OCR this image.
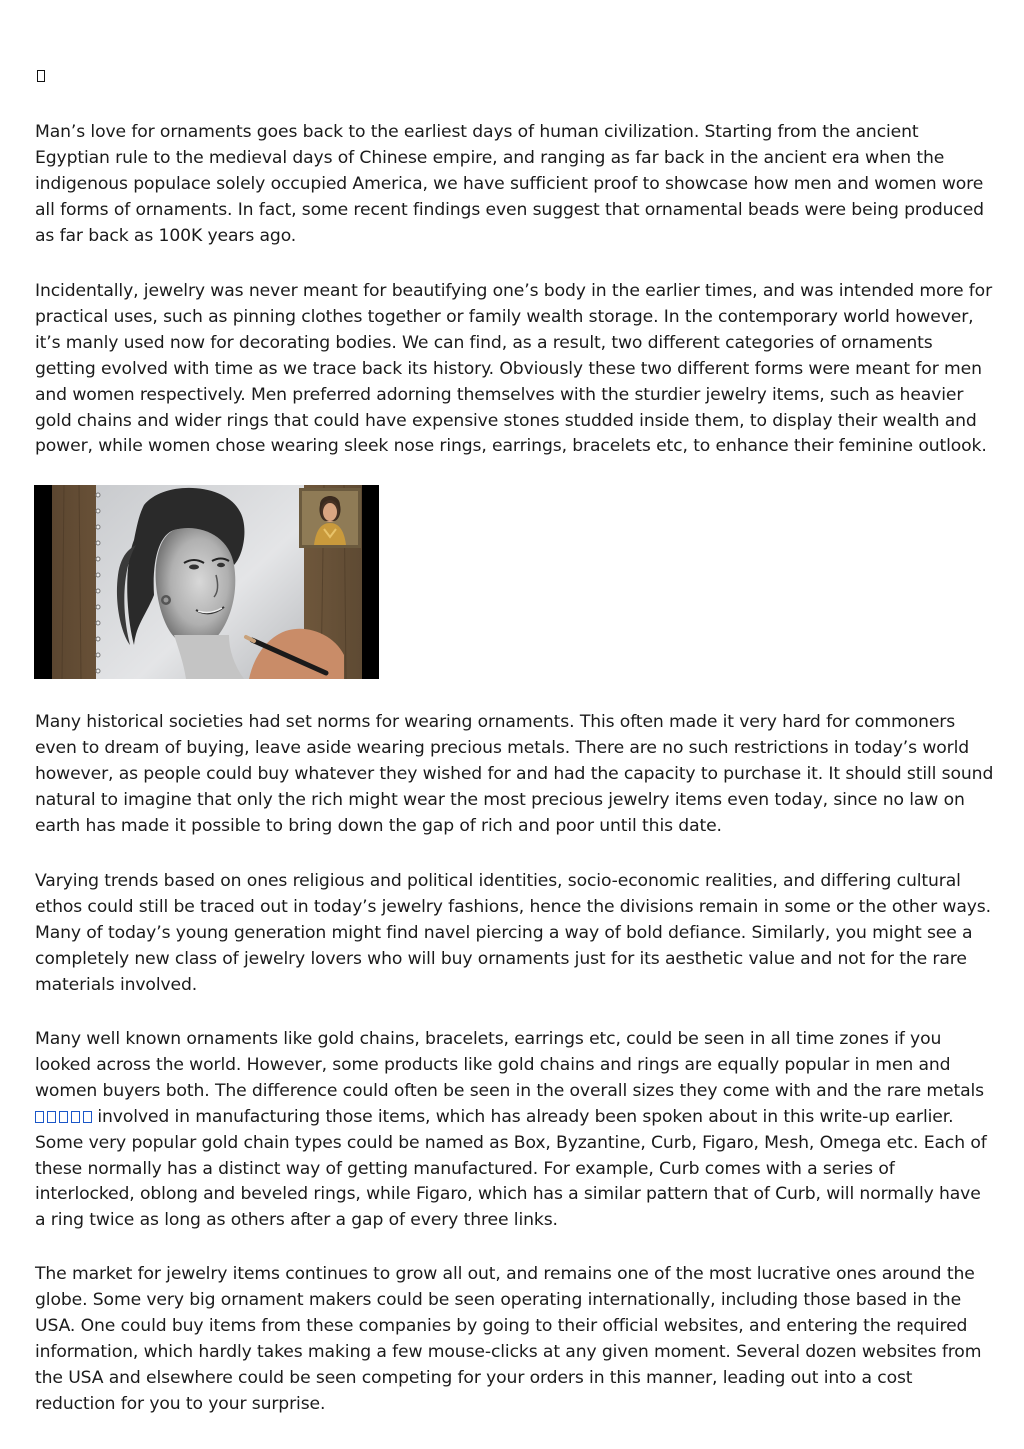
Man’s love for ornaments goes back to the earliest days of human civilization. Starting from the ancient Egyptian rule to the medieval days of Chinese empire, and ranging as far back in the ancient era when the indigenous populace solely occupied America, we have sufficient proof to showcase how men and women wore all forms of ornaments. In fact, some recent findings even suggest that ornamental beads were being produced as far back as 100K years ago.

Incidentally, jewelry was never meant for beautifying one’s body in the earlier times, and was intended more for practical uses, such as pinning clothes together or family wealth storage. In the contemporary world however, it’s manly used now for decorating bodies. We can find, as a result, two different categories of ornaments getting evolved with time as we trace back its history. Obviously these two different forms were meant for men and women respectively. Men preferred adorning themselves with the sturdier jewelry items, such as heavier gold chains and wider rings that could have expensive stones studded inside them, to display their wealth and power, while women chose wearing sleek nose rings, earrings, bracelets etc, to enhance their feminine outlook.

Many historical societies had set norms for wearing ornaments. This often made it very hard for commoners even to dream of buying, leave aside wearing precious metals. There are no such restrictions in today’s world however, as people could buy whatever they wished for and had the capacity to purchase it. It should still sound natural to imagine that only the rich might wear the most precious jewelry items even today, since no law on earth has made it possible to bring down the gap of rich and poor until this date.

Varying trends based on ones religious and political identities, socio-economic realities, and differing cultural ethos could still be traced out in today’s jewelry fashions, hence the divisions remain in some or the other ways. Many of today’s young generation might find navel piercing a way of bold defiance. Similarly, you might see a completely new class of jewelry lovers who will buy ornaments just for its aesthetic value and not for the rare materials involved.

Many well known ornaments like gold chains, bracelets, earrings etc, could be seen in all time zones if you looked across the world. However, some products like gold chains and rings are equally popular in men and women buyers both. The difference could often be seen in the overall sizes they come with and the rare metals  involved in manufacturing those items, which has already been spoken about in this write-up earlier. Some very popular gold chain types could be named as Box, Byzantine, Curb, Figaro, Mesh, Omega etc. Each of these normally has a distinct way of getting manufactured. For example, Curb comes with a series of interlocked, oblong and beveled rings, while Figaro, which has a similar pattern that of Curb, will normally have a ring twice as long as others after a gap of every three links.

The market for jewelry items continues to grow all out, and remains one of the most lucrative ones around the globe. Some very big ornament makers could be seen operating internationally, including those based in the USA. One could buy items from these companies by going to their official websites, and entering the required information, which hardly takes making a few mouse-clicks at any given moment. Several dozen websites from the USA and elsewhere could be seen competing for your orders in this manner, leading out into a cost reduction for you to your surprise.
